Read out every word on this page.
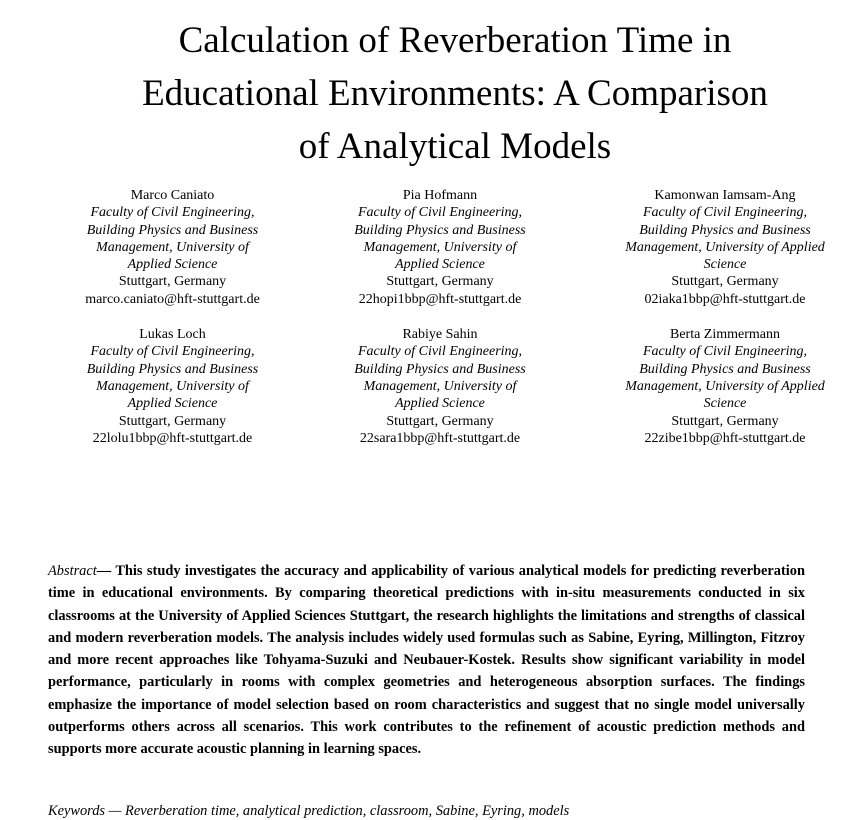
Calculation of Reverberation Time in
Educational Environments: A Comparison
of Analytical Models
Marco Caniato
Faculty of Civil Engineering, Building Physics and Business Management, University of Applied Science
Stuttgart, Germany
marco.caniato@hft-stuttgart.de
Pia Hofmann
Faculty of Civil Engineering, Building Physics and Business Management, University of Applied Science
Stuttgart, Germany
22hopi1bbp@hft-stuttgart.de
Kamonwan Iamsam-Ang
Faculty of Civil Engineering, Building Physics and Business Management, University of Applied Science
Stuttgart, Germany
02iaka1bbp@hft-stuttgart.de
Lukas Loch
Faculty of Civil Engineering, Building Physics and Business Management, University of Applied Science
Stuttgart, Germany
22lolu1bbp@hft-stuttgart.de
Rabiye Sahin
Faculty of Civil Engineering, Building Physics and Business Management, University of Applied Science
Stuttgart, Germany
22sara1bbp@hft-stuttgart.de
Berta Zimmermann
Faculty of Civil Engineering, Building Physics and Business Management, University of Applied Science
Stuttgart, Germany
22zibe1bbp@hft-stuttgart.de
Abstract— This study investigates the accuracy and applicability of various analytical models for predicting reverberation time in educational environments. By comparing theoretical predictions with in-situ measurements conducted in six classrooms at the University of Applied Sciences Stuttgart, the research highlights the limitations and strengths of classical and modern reverberation models. The analysis includes widely used formulas such as Sabine, Eyring, Millington, Fitzroy and more recent approaches like Tohyama-Suzuki and Neubauer-Kostek. Results show significant variability in model performance, particularly in rooms with complex geometries and heterogeneous absorption surfaces. The findings emphasize the importance of model selection based on room characteristics and suggest that no single model universally outperforms others across all scenarios. This work contributes to the refinement of acoustic prediction methods and supports more accurate acoustic planning in learning spaces.
Keywords — Reverberation time, analytical prediction, classroom, Sabine, Eyring, models
